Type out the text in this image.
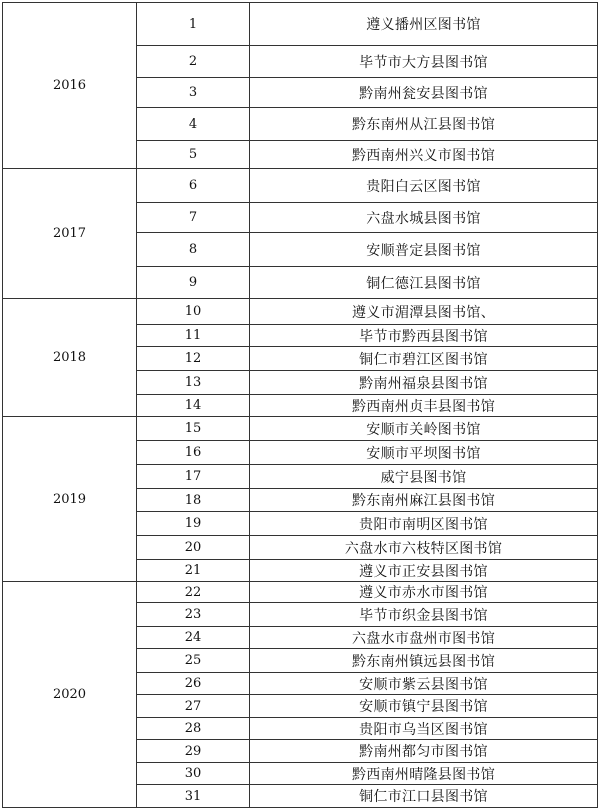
2016	1	遵义播州区图书馆
	2	毕节市大方县图书馆
	3	黔南州瓮安县图书馆
	4	黔东南州从江县图书馆
	5	黔西南州兴义市图书馆
2017	6	贵阳白云区图书馆
	7	六盘水城县图书馆
	8	安顺普定县图书馆
	9	铜仁德江县图书馆
2018	10	遵义市湄潭县图书馆、
	11	毕节市黔西县图书馆
	12	铜仁市碧江区图书馆
	13	黔南州福泉县图书馆
	14	黔西南州贞丰县图书馆
2019	15	安顺市关岭图书馆
	16	安顺市平坝图书馆
	17	威宁县图书馆
	18	黔东南州麻江县图书馆
	19	贵阳市南明区图书馆
	20	六盘水市六枝特区图书馆
	21	遵义市正安县图书馆
2020	22	遵义市赤水市图书馆
	23	毕节市织金县图书馆
	24	六盘水市盘州市图书馆
	25	黔东南州镇远县图书馆
	26	安顺市紫云县图书馆
	27	安顺市镇宁县图书馆
	28	贵阳市乌当区图书馆
	29	黔南州都匀市图书馆
	30	黔西南州晴隆县图书馆
	31	铜仁市江口县图书馆
